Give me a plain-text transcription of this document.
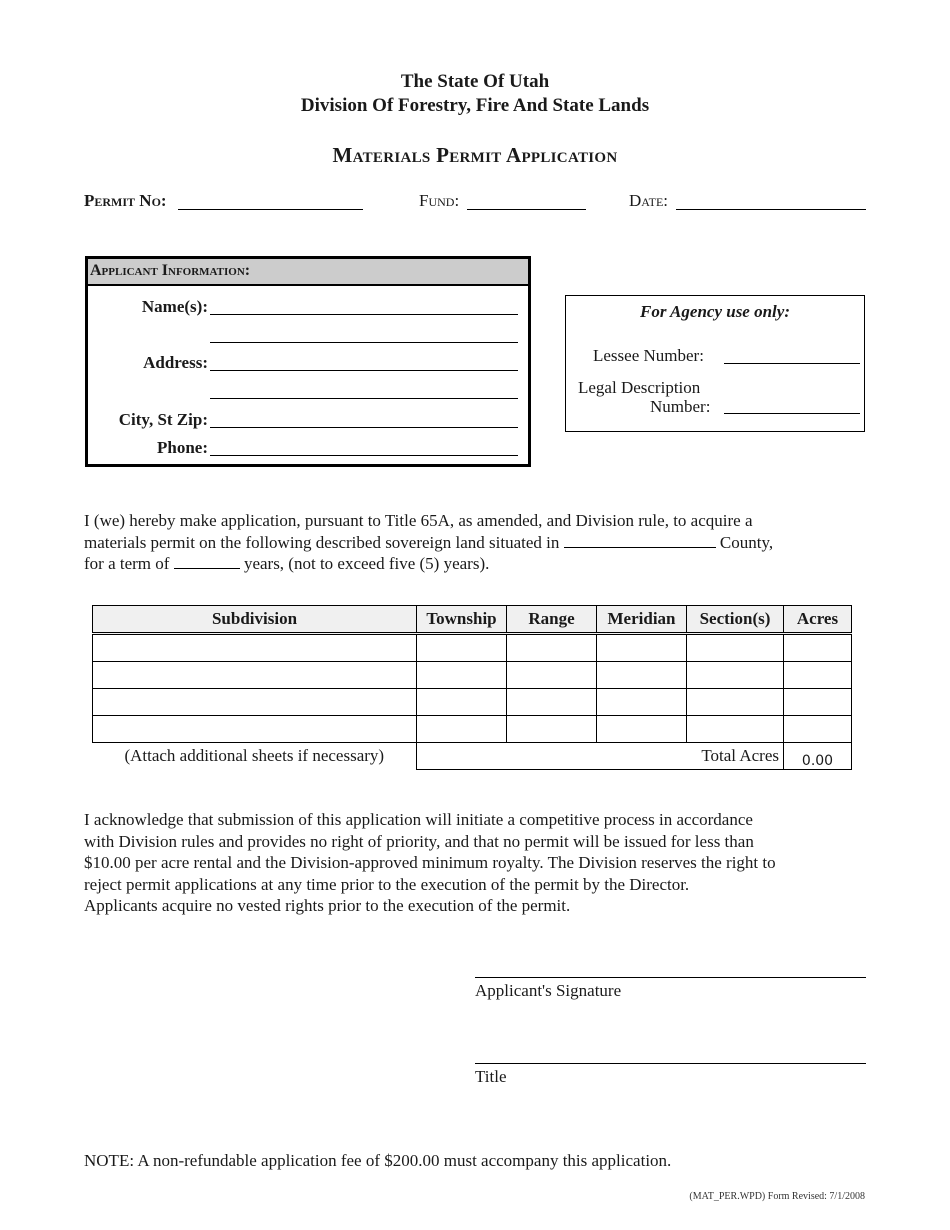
The State Of Utah
Division Of Forestry, Fire And State Lands
Materials Permit Application
Permit No:	Fund:	Date:
Applicant Information:
Name(s):
Address:
City, St Zip:
Phone:
For Agency use only:
Lessee Number:
Legal Description
Number:
I (we) hereby make application, pursuant to Title 65A, as amended, and Division rule, to acquire a
materials permit on the following described sovereign land situated in	County,
for a term of	years, (not to exceed five (5) years).
Subdivision	Township	Range	Meridian	Section(s)	Acres

(Attach additional sheets if necessary)	Total Acres				0.00
I acknowledge that submission of this application will initiate a competitive process in accordance
with Division rules and provides no right of priority, and that no permit will be issued for less than
$10.00 per acre rental and the Division-approved minimum royalty. The Division reserves the right to
reject permit applications at any time prior to the execution of the permit by the Director.
Applicants acquire no vested rights prior to the execution of the permit.
Applicant's Signature
Title
NOTE: A non-refundable application fee of $200.00 must accompany this application.
(MAT_PER.WPD) Form Revised: 7/1/2008
